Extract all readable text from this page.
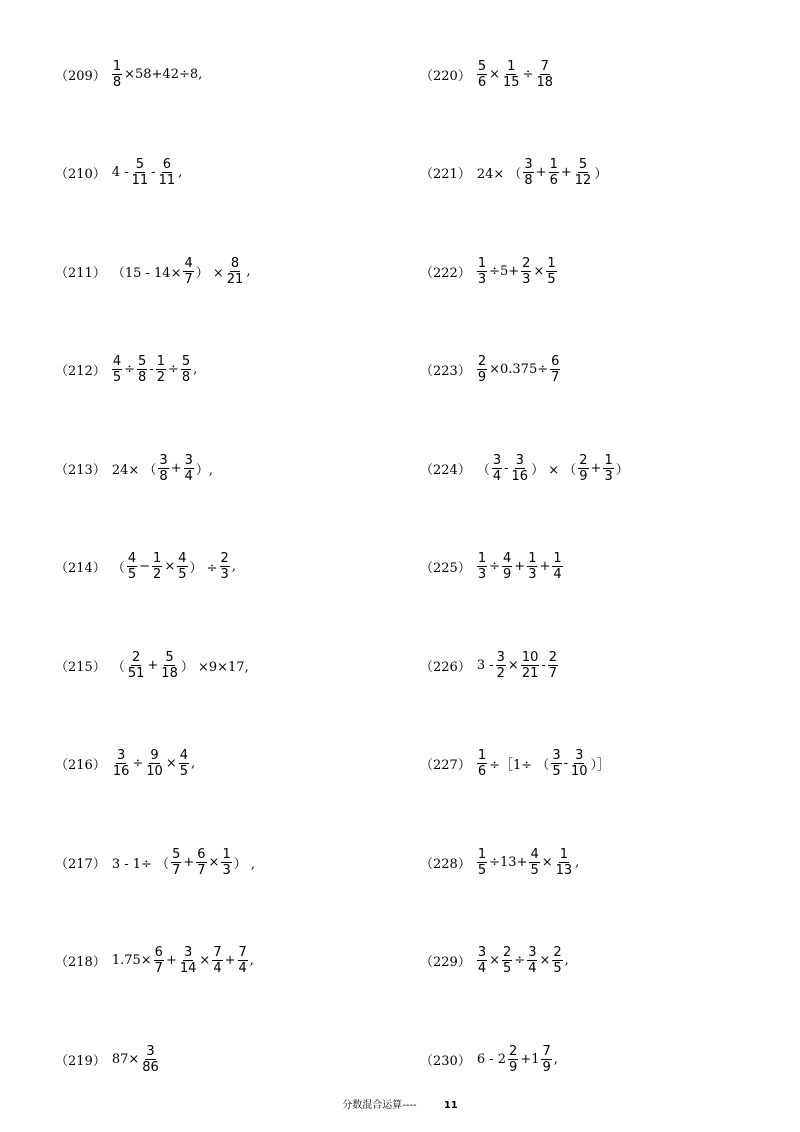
$(209) \frac{1}{8} \times 58+42\div 8$,
（210） $4 - \frac{5}{11} - \frac{6}{11}$ ,
（211） （$15 - 14\times \frac{4}{7}$ ） × $\frac{8}{21}$ ,
$(212) \frac{4}{5} \div \frac{5}{8} - \frac{1}{2} \div \frac{5}{8}$ ,
（213） 24× （ $\frac{3}{8} + \frac{3}{4}$ ）,
（214） （ $\frac{4}{5} - \frac{1}{2} \times \frac{4}{5}$ ） ÷ $\frac{2}{3}$ ,
（215） （ $\frac{2}{51} + \frac{5}{18}$ ） ×9×17,
$(216) \frac{3}{16} \div \frac{9}{10} \times \frac{4}{5}$ ,
（217） 3 - 1÷ （ $\frac{5}{7} + \frac{6}{7} \times \frac{1}{3}$ ） ,
（218） $1.75\times \frac{6}{7} + \frac{3}{14} \times \frac{7}{4} + \frac{7}{4}$ ,
（219） $87\times \frac{3}{86}$
$(220) \frac{5}{6} \times \frac{1}{15} \div \frac{7}{18}$
（221） 24× （ $\frac{3}{8} + \frac{1}{6} + \frac{5}{12}$ ）
$(222) \frac{1}{3} \div 5+ \frac{2}{3} \times \frac{1}{5}$
$(223) \frac{2}{9} \times 0.375\div \frac{6}{7}$
（224） （ $\frac{3}{4} - \frac{3}{16}$ ） × （ $\frac{2}{9} + \frac{1}{3}$ ）
$(225) \frac{1}{3} \div \frac{4}{9} + \frac{1}{3} + \frac{1}{4}$
（226） $3 - \frac{3}{2} \times \frac{10}{21} - \frac{2}{7}$
$(227) \frac{1}{6}$ ÷［1÷ （ $\frac{3}{5} - \frac{3}{10}$ ）］
$(228) \frac{1}{5} \div 13+ \frac{4}{5} \times \frac{1}{13}$ ,
$(229) \frac{3}{4} \times \frac{2}{5} \div \frac{3}{4} \times \frac{2}{5}$ ,
（230） $6 - 2 \frac{2}{9} +1 \frac{7}{9}$ ,
分数混合运算----	11
